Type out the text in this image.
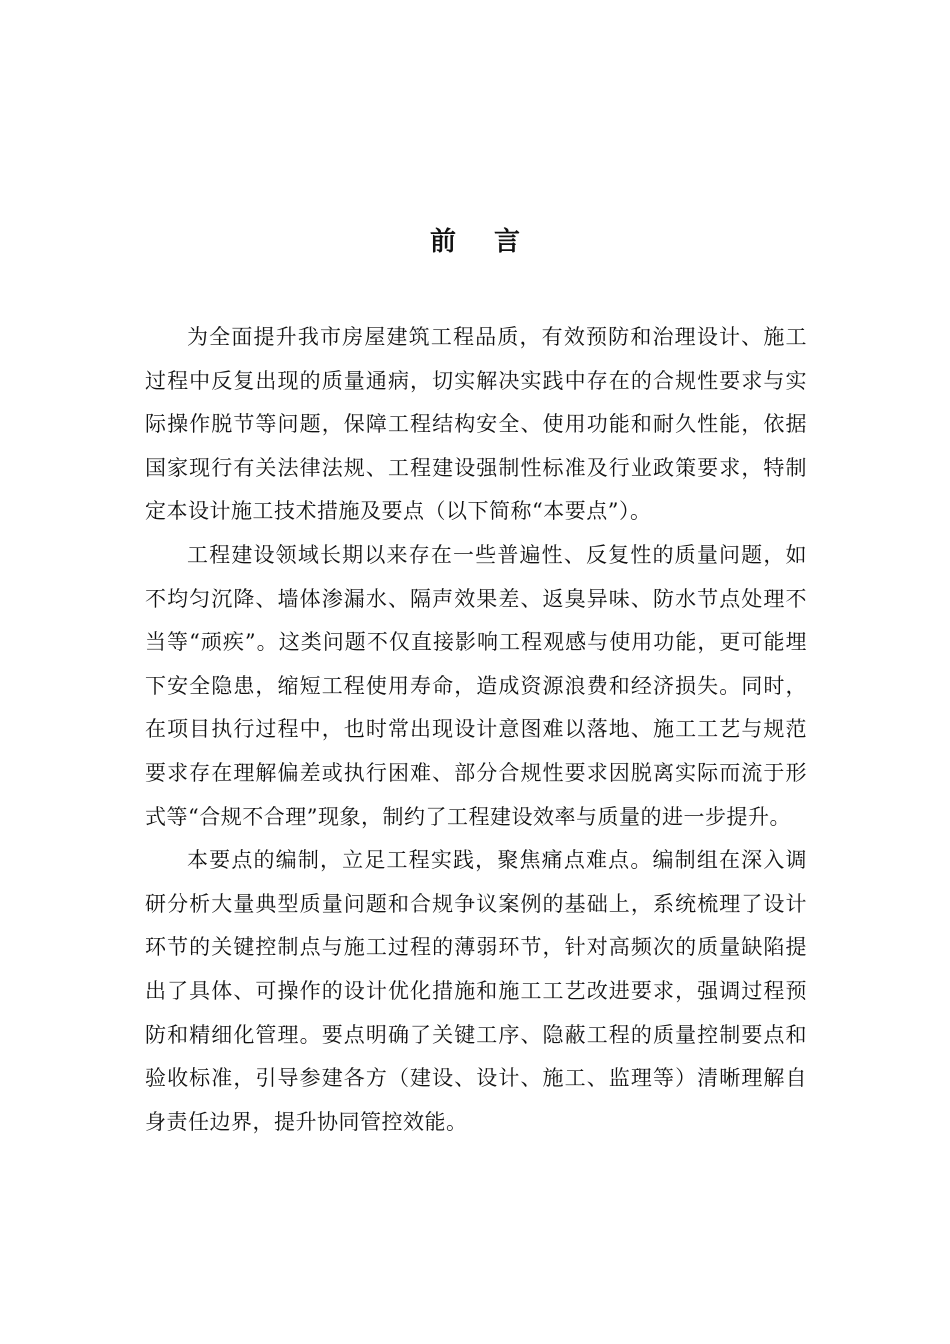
前言

为全面提升我市房屋建筑工程品质，有效预防和治理设计、施工过程中反复出现的质量通病，切实解决实践中存在的合规性要求与实际操作脱节等问题，保障工程结构安全、使用功能和耐久性能，依据国家现行有关法律法规、工程建设强制性标准及行业政策要求，特制定本设计施工技术措施及要点（以下简称“本要点”）。

工程建设领域长期以来存在一些普遍性、反复性的质量问题，如不均匀沉降、墙体渗漏水、隔声效果差、返臭异味、防水节点处理不当等“顽疾”。这类问题不仅直接影响工程观感与使用功能，更可能埋下安全隐患，缩短工程使用寿命，造成资源浪费和经济损失。同时，在项目执行过程中，也时常出现设计意图难以落地、施工工艺与规范要求存在理解偏差或执行困难、部分合规性要求因脱离实际而流于形式等“合规不合理”现象，制约了工程建设效率与质量的进一步提升。

本要点的编制，立足工程实践，聚焦痛点难点。编制组在深入调研分析大量典型质量问题和合规争议案例的基础上，系统梳理了设计环节的关键控制点与施工过程的薄弱环节，针对高频次的质量缺陷提出了具体、可操作的设计优化措施和施工工艺改进要求，强调过程预防和精细化管理。要点明确了关键工序、隐蔽工程的质量控制要点和验收标准，引导参建各方（建设、设计、施工、监理等）清晰理解自身责任边界，提升协同管控效能。
